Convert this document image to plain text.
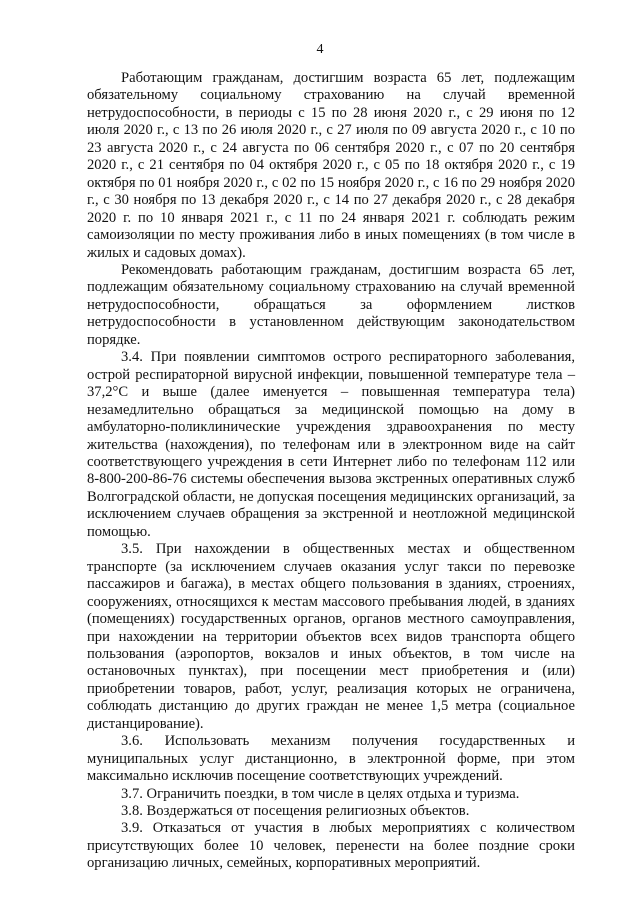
4

Работающим гражданам, достигшим возраста 65 лет, подлежащим обязательному социальному страхованию на случай временной нетрудоспособности, в периоды с 15 по 28 июня 2020 г., с 29 июня по 12 июля 2020 г., с 13 по 26 июля 2020 г., с 27 июля по 09 августа 2020 г., с 10 по 23 августа 2020 г., с 24 августа по 06 сентября 2020 г., с 07 по 20 сентября 2020 г., с 21 сентября по 04 октября 2020 г., с 05 по 18 октября 2020 г., с 19 октября по 01 ноября 2020 г., с 02 по 15 ноября 2020 г., с 16 по 29 ноября 2020 г., с 30 ноября по 13 декабря 2020 г., с 14 по 27 декабря 2020 г., с 28 декабря 2020 г. по 10 января 2021 г., с 11 по 24 января 2021 г. соблюдать режим самоизоляции по месту проживания либо в иных помещениях (в том числе в жилых и садовых домах).

Рекомендовать работающим гражданам, достигшим возраста 65 лет, подлежащим обязательному социальному страхованию на случай временной нетрудоспособности, обращаться за оформлением листков нетрудоспособности в установленном действующим законодательством порядке.

3.4. При появлении симптомов острого респираторного заболевания, острой респираторной вирусной инфекции, повышенной температуре тела – 37,2°С и выше (далее именуется – повышенная температура тела) незамедлительно обращаться за медицинской помощью на дому в амбулаторно-поликлинические учреждения здравоохранения по месту жительства (нахождения), по телефонам или в электронном виде на сайт соответствующего учреждения в сети Интернет либо по телефонам 112 или 8-800-200-86-76 системы обеспечения вызова экстренных оперативных служб Волгоградской области, не допуская посещения медицинских организаций, за исключением случаев обращения за экстренной и неотложной медицинской помощью.

3.5. При нахождении в общественных местах и общественном транспорте (за исключением случаев оказания услуг такси по перевозке пассажиров и багажа), в местах общего пользования в зданиях, строениях, сооружениях, относящихся к местам массового пребывания людей, в зданиях (помещениях) государственных органов, органов местного самоуправления, при нахождении на территории объектов всех видов транспорта общего пользования (аэропортов, вокзалов и иных объектов, в том числе на остановочных пунктах), при посещении мест приобретения и (или) приобретении товаров, работ, услуг, реализация которых не ограничена, соблюдать дистанцию до других граждан не менее 1,5 метра (социальное дистанцирование).

3.6. Использовать механизм получения государственных и муниципальных услуг дистанционно, в электронной форме, при этом максимально исключив посещение соответствующих учреждений.

3.7. Ограничить поездки, в том числе в целях отдыха и туризма.

3.8. Воздержаться от посещения религиозных объектов.

3.9. Отказаться от участия в любых мероприятиях с количеством присутствующих более 10 человек, перенести на более поздние сроки организацию личных, семейных, корпоративных мероприятий.
